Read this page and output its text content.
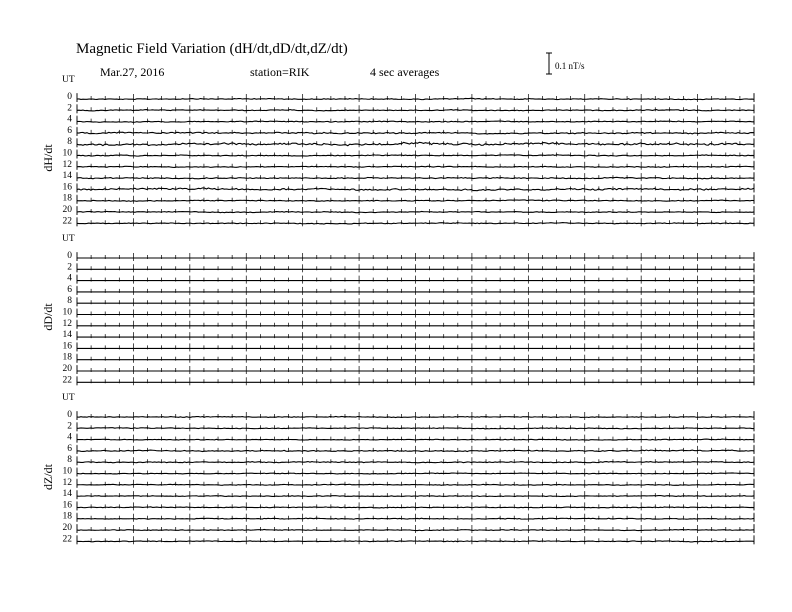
Magnetic Field Variation (dH/dt,dD/dt,dZ/dt)
Mar.27, 2016	station=RIK	4 sec averages	0.1 nT/s
UT
dH/dt
0
2
4
6
8
10
12
14
16
18
20
22
UT
dD/dt
0
2
4
6
8
10
12
14
16
18
20
22
UT
dZ/dt
0
2
4
6
8
10
12
14
16
18
20
22
